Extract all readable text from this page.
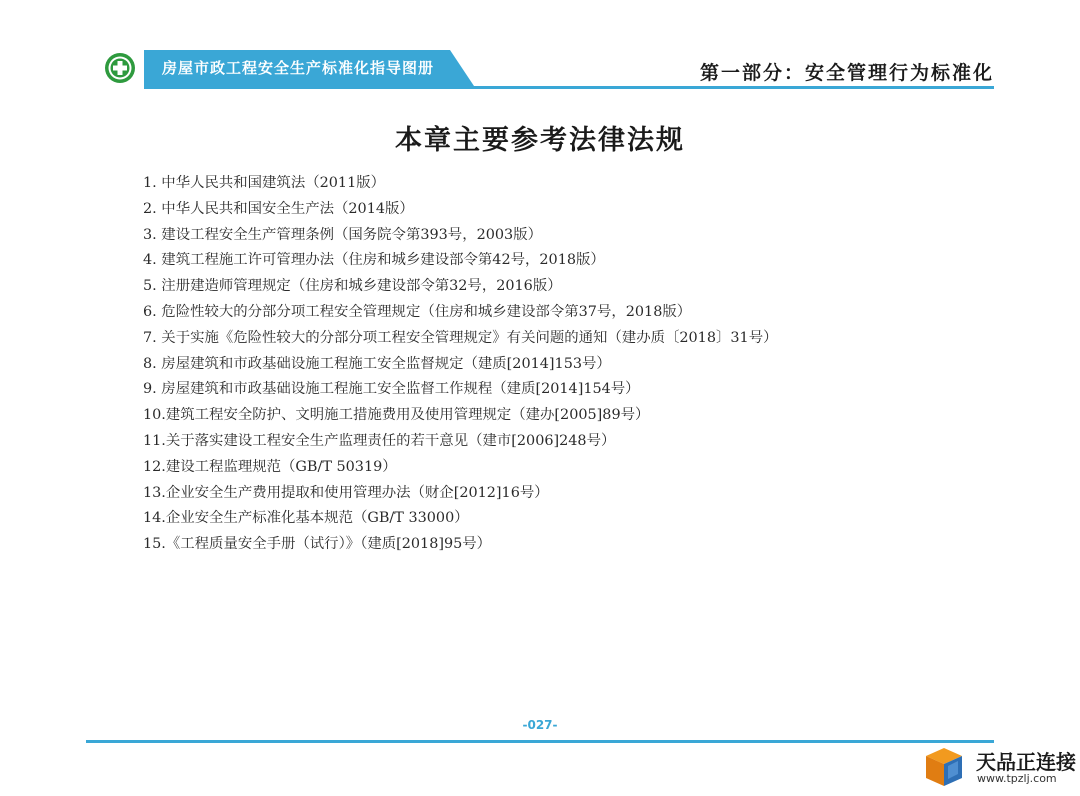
房屋市政工程安全生产标准化指导图册	第一部分：安全管理行为标准化
本章主要参考法律法规
1. 中华人民共和国建筑法（2011版）
2. 中华人民共和国安全生产法（2014版）
3. 建设工程安全生产管理条例（国务院令第393号，2003版）
4. 建筑工程施工许可管理办法（住房和城乡建设部令第42号，2018版）
5. 注册建造师管理规定（住房和城乡建设部令第32号，2016版）
6. 危险性较大的分部分项工程安全管理规定（住房和城乡建设部令第37号，2018版）
7. 关于实施《危险性较大的分部分项工程安全管理规定》有关问题的通知（建办质〔2018〕31号）
8. 房屋建筑和市政基础设施工程施工安全监督规定（建质[2014]153号）
9. 房屋建筑和市政基础设施工程施工安全监督工作规程（建质[2014]154号）
10.建筑工程安全防护、文明施工措施费用及使用管理规定（建办[2005]89号）
11.关于落实建设工程安全生产监理责任的若干意见（建市[2006]248号）
12.建设工程监理规范（GB/T 50319）
13.企业安全生产费用提取和使用管理办法（财企[2012]16号）
14.企业安全生产标准化基本规范（GB/T 33000）
15.《工程质量安全手册（试行）》（建质[2018]95号）
-027-
天品正连接
www.tpzlj.com
